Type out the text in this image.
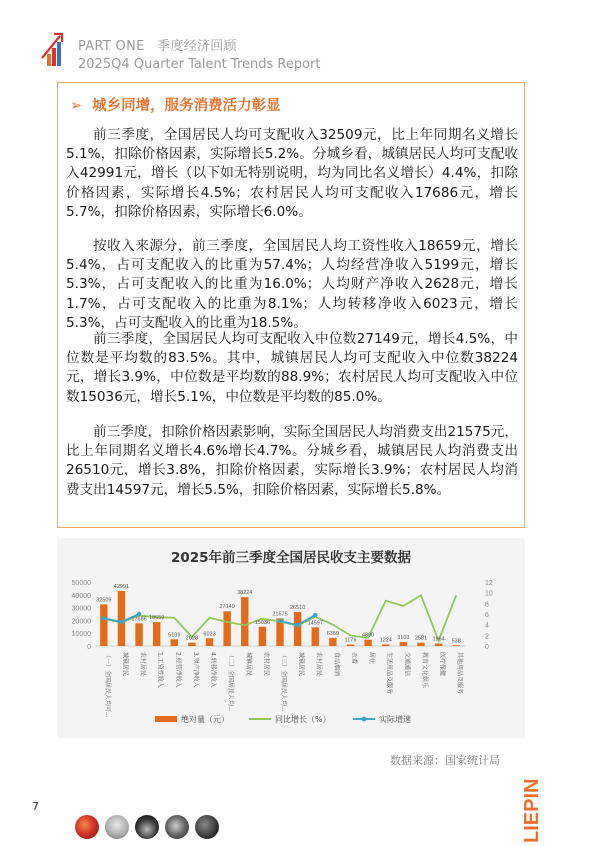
PART ONE 季度经济回顾
2025Q4 Quarter Talent Trends Report
➢ 城乡同增，服务消费活力彰显

前三季度，全国居民人均可支配收入32509元，比上年同期名义增长5.1%，扣除价格因素，实际增长5.2%。分城乡看，城镇居民人均可支配收入42991元，增长（以下如无特别说明，均为同比名义增长）4.4%，扣除价格因素，实际增长4.5%；农村居民人均可支配收入17686元，增长5.7%，扣除价格因素，实际增长6.0%。

按收入来源分，前三季度，全国居民人均工资性收入18659元，增长5.4%，占可支配收入的比重为57.4%；人均经营净收入5199元，增长5.3%，占可支配收入的比重为16.0%；人均财产净收入2628元，增长1.7%，占可支配收入的比重为8.1%；人均转移净收入6023元，增长5.3%，占可支配收入的比重为18.5%。

前三季度，全国居民人均可支配收入中位数27149元，增长4.5%，中位数是平均数的83.5%。其中，城镇居民人均可支配收入中位数38224元，增长3.9%，中位数是平均数的88.9%；农村居民人均可支配收入中位数15036元，增长5.1%，中位数是平均数的85.0%。

前三季度，扣除价格因素影响，实际全国居民人均消费支出21575元，比上年同期名义增长4.6%增长4.7%。分城乡看，城镇居民人均消费支出26510元，增长3.8%，扣除价格因素，实际增长3.9%；农村居民人均消费支出14597元，增长5.5%，扣除价格因素，实际增长5.8%。

2025年前三季度全国居民收支主要数据
50000
40000
30000
20000
10000
0
12
10
8
6
4
2
0
32509
42991
17686 18659
5199
2628
6023
27149
38224
15036
21575
26510
14597
6359
1176
4890
1224 3103 2581 1964 538
（一）全国居民人均可... 城镇居民 农村居民 1.工资性收入 2.经营净收入 3.财产净收入 4.转移净收入 （二）全国居民人均... 城镇居民 农村居民 （三）全国居民人均... 城镇居民 农村居民 食品烟酒 衣着 居住 生活用品及服务 交通通信 教育文化娱乐 医疗保健 其他用品及服务
绝对量（元）	同比增长（%）	实际增速
数据来源：国家统计局
7	LIEPIN
